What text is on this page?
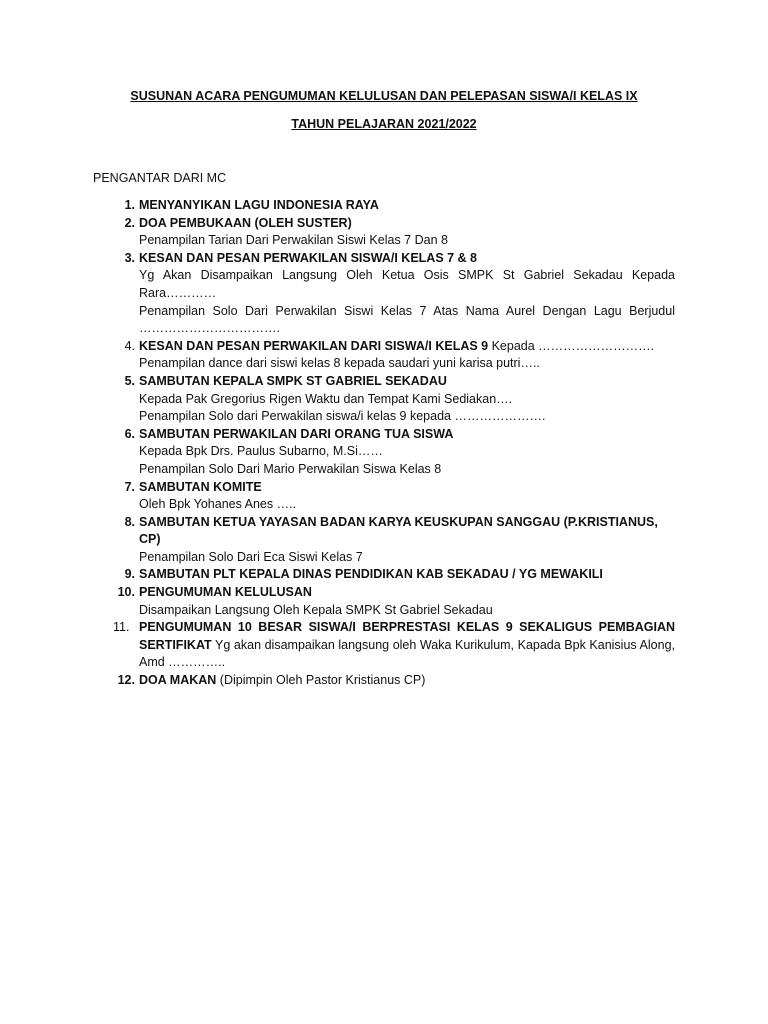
SUSUNAN ACARA PENGUMUMAN KELULUSAN DAN PELEPASAN SISWA/I KELAS IX
TAHUN PELAJARAN 2021/2022
PENGANTAR DARI MC
1. MENYANYIKAN LAGU INDONESIA RAYA
2. DOA PEMBUKAAN (OLEH SUSTER)
Penampilan Tarian Dari Perwakilan Siswi Kelas 7 Dan 8
3. KESAN DAN PESAN PERWAKILAN SISWA/I KELAS 7 & 8
Yg Akan Disampaikan Langsung Oleh Ketua Osis SMPK St Gabriel Sekadau Kepada Rara…………
Penampilan Solo Dari Perwakilan Siswi Kelas 7 Atas Nama Aurel Dengan Lagu Berjudul …………………………….
4. KESAN DAN PESAN PERWAKILAN DARI SISWA/I KELAS 9 Kepada ……………………….
Penampilan dance dari siswi kelas 8 kepada saudari yuni karisa putri…..
5. SAMBUTAN KEPALA SMPK ST GABRIEL SEKADAU
Kepada Pak Gregorius Rigen Waktu dan Tempat Kami Sediakan….
Penampilan Solo dari Perwakilan siswa/i kelas 9 kepada ………………….
6. SAMBUTAN PERWAKILAN DARI ORANG TUA SISWA
Kepada Bpk Drs. Paulus Subarno, M.Si……
Penampilan Solo Dari Mario Perwakilan Siswa Kelas 8
7. SAMBUTAN KOMITE
Oleh Bpk Yohanes Anes …..
8. SAMBUTAN KETUA YAYASAN BADAN KARYA KEUSKUPAN SANGGAU (P.KRISTIANUS, CP)
Penampilan Solo Dari Eca Siswi Kelas 7
9. SAMBUTAN PLT KEPALA DINAS PENDIDIKAN KAB SEKADAU / YG MEWAKILI
10. PENGUMUMAN KELULUSAN
Disampaikan Langsung Oleh Kepala SMPK St Gabriel Sekadau
11. PENGUMUMAN 10 BESAR SISWA/I BERPRESTASI KELAS 9 SEKALIGUS PEMBAGIAN SERTIFIKAT Yg akan disampaikan langsung oleh Waka Kurikulum, Kapada Bpk Kanisius Along, Amd …………..
12. DOA MAKAN (Dipimpin Oleh Pastor Kristianus CP)
